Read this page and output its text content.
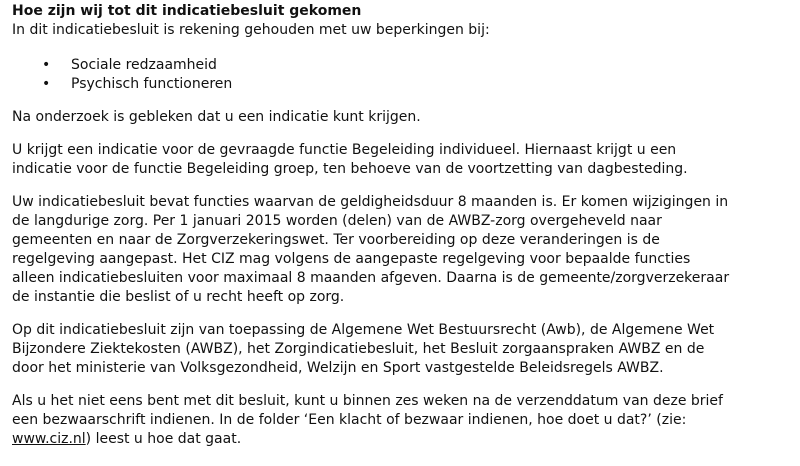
Hoe zijn wij tot dit indicatiebesluit gekomen

In dit indicatiebesluit is rekening gehouden met uw beperkingen bij:

• Sociale redzaamheid
• Psychisch functioneren

Na onderzoek is gebleken dat u een indicatie kunt krijgen.

U krijgt een indicatie voor de gevraagde functie Begeleiding individueel. Hiernaast krijgt u een

indicatie voor de functie Begeleiding groep, ten behoeve van de voortzetting van dagbesteding.

Uw indicatiebesluit bevat functies waarvan de geldigheidsduur 8 maanden is. Er komen wijzigingen in

de langdurige zorg. Per 1 januari 2015 worden (delen) van de AWBZ-zorg overgeheveld naar

gemeenten en naar de Zorgverzekeringswet. Ter voorbereiding op deze veranderingen is de

regelgeving aangepast. Het CIZ mag volgens de aangepaste regelgeving voor bepaalde functies

alleen indicatiebesluiten voor maximaal 8 maanden afgeven. Daarna is de gemeente/zorgverzekeraar

de instantie die beslist of u recht heeft op zorg.

Op dit indicatiebesluit zijn van toepassing de Algemene Wet Bestuursrecht (Awb), de Algemene Wet

Bijzondere Ziektekosten (AWBZ), het Zorgindicatiebesluit, het Besluit zorgaanspraken AWBZ en de

door het ministerie van Volksgezondheid, Welzijn en Sport vastgestelde Beleidsregels AWBZ.

Als u het niet eens bent met dit besluit, kunt u binnen zes weken na de verzenddatum van deze brief

een bezwaarschrift indienen. In de folder ‘Een klacht of bezwaar indienen, hoe doet u dat?’ (zie:

www.ciz.nl) leest u hoe dat gaat.
